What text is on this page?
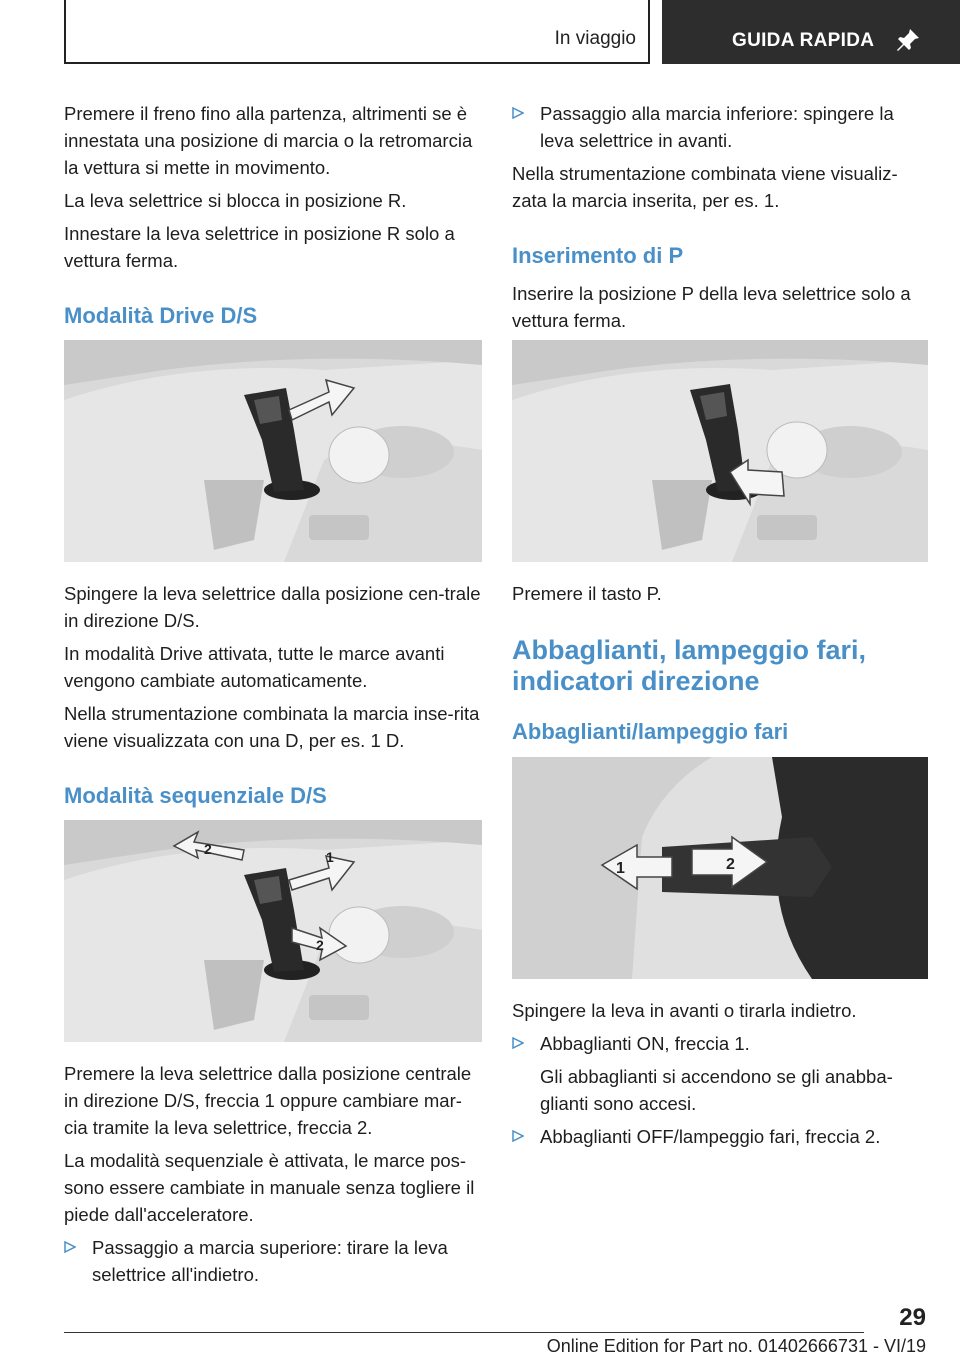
In viaggio	GUIDA RAPIDA

Premere il freno fino alla partenza, altrimenti se è innestata una posizione di marcia o la retromarcia la vettura si mette in movimento.

La leva selettrice si blocca in posizione R.

Innestare la leva selettrice in posizione R solo a vettura ferma.

Modalità Drive D/S

Spingere la leva selettrice dalla posizione cen-trale in direzione D/S.

In modalità Drive attivata, tutte le marce avanti vengono cambiate automaticamente.

Nella strumentazione combinata la marcia inse-rita viene visualizzata con una D, per es. 1 D.

Modalità sequenziale D/S
2	1
2

Premere la leva selettrice dalla posizione centrale in direzione D/S, freccia 1 oppure cambiare mar-cia tramite la leva selettrice, freccia 2.

La modalità sequenziale è attivata, le marce pos-sono essere cambiate in manuale senza togliere il piede dall'acceleratore.

Passaggio a marcia superiore: tirare la leva selettrice all'indietro.
Passaggio alla marcia inferiore: spingere la leva selettrice in avanti.

Nella strumentazione combinata viene visualiz-zata la marcia inserita, per es. 1.

Inserimento di P

Inserire la posizione P della leva selettrice solo a vettura ferma.

Premere il tasto P.

Abbaglianti, lampeggio fari, indicatori direzione
Abbaglianti/lampeggio fari
1	2

Spingere la leva in avanti o tirarla indietro.

Abbaglianti ON, freccia 1.
Gli abbaglianti si accendono se gli anabba-glianti sono accesi.
Abbaglianti OFF/lampeggio fari, freccia 2.
29
Online Edition for Part no. 01402666731 - VI/19
